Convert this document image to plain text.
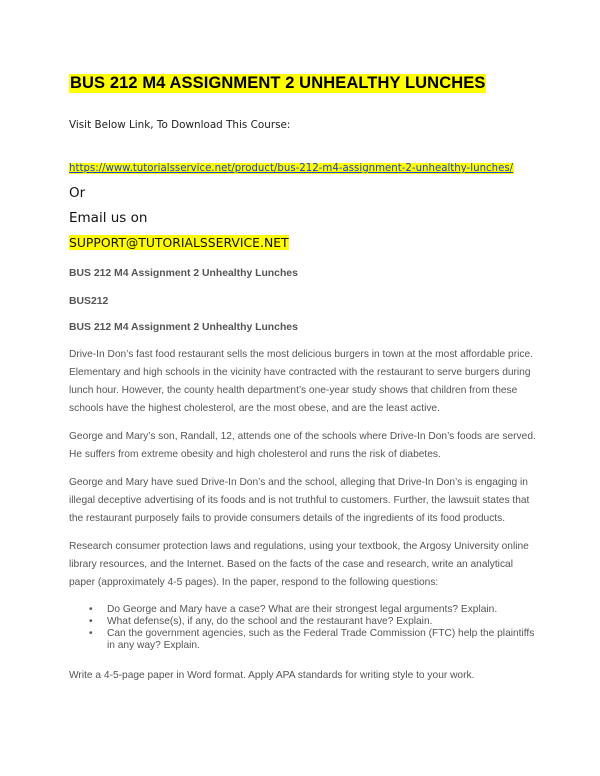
BUS 212 M4 ASSIGNMENT 2 UNHEALTHY LUNCHES
Visit Below Link, To Download This Course:
https://www.tutorialsservice.net/product/bus-212-m4-assignment-2-unhealthy-lunches/
Or
Email us on
SUPPORT@TUTORIALSSERVICE.NET
BUS 212 M4 Assignment 2 Unhealthy Lunches
BUS212
BUS 212 M4 Assignment 2 Unhealthy Lunches

Drive-In Don’s fast food restaurant sells the most delicious burgers in town at the most affordable price. Elementary and high schools in the vicinity have contracted with the restaurant to serve burgers during lunch hour. However, the county health department’s one-year study shows that children from these schools have the highest cholesterol, are the most obese, and are the least active.

George and Mary’s son, Randall, 12, attends one of the schools where Drive-In Don’s foods are served. He suffers from extreme obesity and high cholesterol and runs the risk of diabetes.

George and Mary have sued Drive-In Don’s and the school, alleging that Drive-In Don’s is engaging in illegal deceptive advertising of its foods and is not truthful to customers. Further, the lawsuit states that the restaurant purposely fails to provide consumers details of the ingredients of its food products.

Research consumer protection laws and regulations, using your textbook, the Argosy University online library resources, and the Internet. Based on the facts of the case and research, write an analytical paper (approximately 4-5 pages). In the paper, respond to the following questions:

• Do George and Mary have a case? What are their strongest legal arguments? Explain.
• What defense(s), if any, do the school and the restaurant have? Explain.
• Can the government agencies, such as the Federal Trade Commission (FTC) help the plaintiffs in any way? Explain.
Write a 4-5-page paper in Word format. Apply APA standards for writing style to your work.
